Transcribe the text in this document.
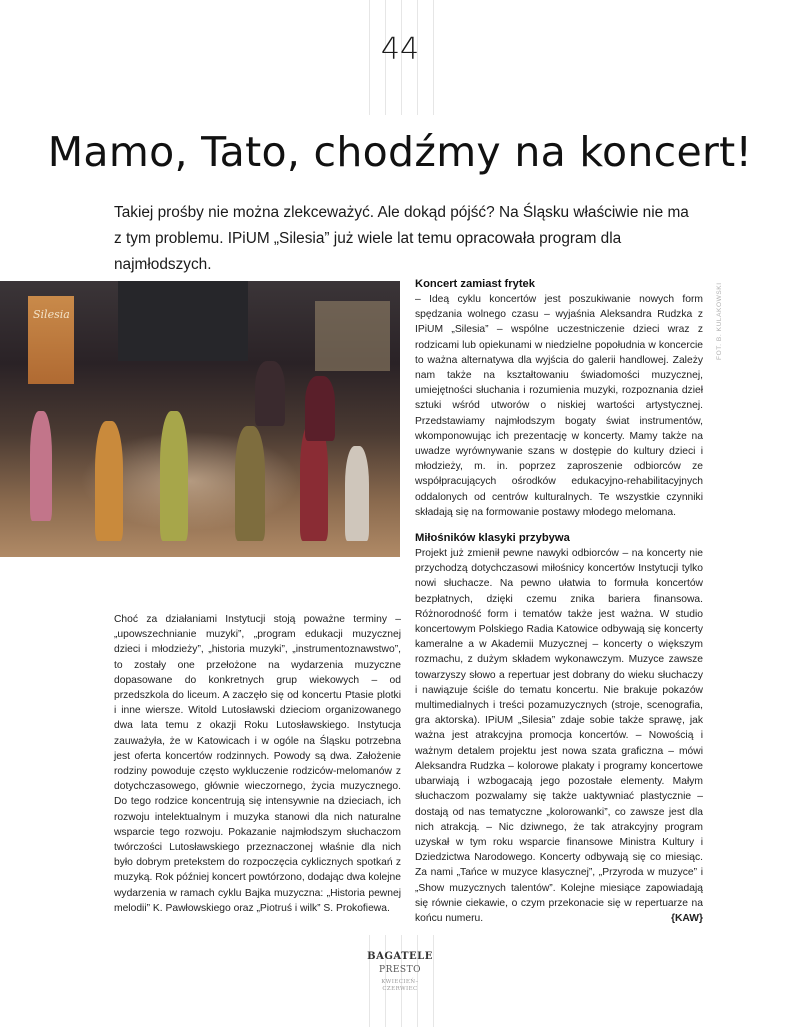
44
Mamo, Tato, chodźmy na koncert!
Takiej prośby nie można zlekceważyć. Ale dokąd pójść? Na Śląsku właściwie nie ma z tym problemu. IPiUM „Silesia” już wiele lat temu opracowała program dla najmłodszych.
Silesia	FOT. B. KULAKOWSKI

Choć za działaniami Instytucji stoją poważne terminy – „upowszechnianie muzyki”, „program edukacji muzycznej dzieci i młodzieży”, „historia muzyki”, „instrumentoznawstwo”, to zostały one przełożone na wydarzenia muzyczne dopasowane do konkretnych grup wiekowych – od przedszkola do liceum. A zaczęło się od koncertu Ptasie plotki i inne wiersze. Witold Lutosławski dzieciom organizowanego dwa lata temu z okazji Roku Lutosławskiego. Instytucja zauważyła, że w Katowicach i w ogóle na Śląsku potrzebna jest oferta koncertów rodzinnych. Powody są dwa. Założenie rodziny powoduje często wykluczenie rodziców-melomanów z dotychczasowego, głównie wieczornego, życia muzycznego. Do tego rodzice koncentrują się intensywnie na dzieciach, ich rozwoju intelektualnym i muzyka stanowi dla nich naturalne wsparcie tego rozwoju. Pokazanie najmłodszym słuchaczom twórczości Lutosławskiego przeznaczonej właśnie dla nich było dobrym pretekstem do rozpoczęcia cyklicznych spotkań z muzyką. Rok później koncert powtórzono, dodając dwa kolejne wydarzenia w ramach cyklu Bajka muzyczna: „Historia pewnej melodii” K. Pawłowskiego oraz „Piotruś i wilk” S. Prokofiewa.

Koncert zamiast frytek

– Ideą cyklu koncertów jest poszukiwanie nowych form spędzania wolnego czasu – wyjaśnia Aleksandra Rudzka z IPiUM „Silesia” – wspólne uczestniczenie dzieci wraz z rodzicami lub opiekunami w niedzielne popołudnia w koncercie to ważna alternatywa dla wyjścia do galerii handlowej. Zależy nam także na kształtowaniu świadomości muzycznej, umiejętności słuchania i rozumienia muzyki, rozpoznania dzieł sztuki wśród utworów o niskiej wartości artystycznej. Przedstawiamy najmłodszym bogaty świat instrumentów, wkomponowując ich prezentację w koncerty. Mamy także na uwadze wyrównywanie szans w dostępie do kultury dzieci i młodzieży, m. in. poprzez zaproszenie odbiorców ze współpracujących ośrodków edukacyjno-rehabilitacyjnych oddalonych od centrów kulturalnych. Te wszystkie czynniki składają się na formowanie postawy młodego melomana.

Miłośników klasyki przybywa

Projekt już zmienił pewne nawyki odbiorców – na koncerty nie przychodzą dotychczasowi miłośnicy koncertów Instytucji tylko nowi słuchacze. Na pewno ułatwia to formuła koncertów bezpłatnych, dzięki czemu znika bariera finansowa. Różnorodność form i tematów także jest ważna. W studio koncertowym Polskiego Radia Katowice odbywają się koncerty kameralne a w Akademii Muzycznej – koncerty o większym rozmachu, z dużym składem wykonawczym. Muzyce zawsze towarzyszy słowo a repertuar jest dobrany do wieku słuchaczy i nawiązuje ściśle do tematu koncertu. Nie brakuje pokazów multimedialnych i treści pozamuzycznych (stroje, scenografia, gra aktorska). IPiUM „Silesia” zdaje sobie także sprawę, jak ważna jest atrakcyjna promocja koncertów. – Nowością i ważnym detalem projektu jest nowa szata graficzna – mówi Aleksandra Rudzka – kolorowe plakaty i programy koncertowe ubarwiają i wzbogacają jego pozostałe elementy. Małym słuchaczom pozwalamy się także uaktywniać plastycznie – dostają od nas tematyczne „kolorowanki”, co zawsze jest dla nich atrakcją. – Nic dziwnego, że tak atrakcyjny program uzyskał w tym roku wsparcie finansowe Ministra Kultury i Dziedzictwa Narodowego. Koncerty odbywają się co miesiąc. Za nami „Tańce w muzyce klasycznej”, „Przyroda w muzyce” i „Show muzycznych talentów”. Kolejne miesiące zapowiadają się równie ciekawie, o czym przekonacie się w repertuarze na końcu numeru.	{KAW}

BAGATELE
PRESTO
KWIECIEŃ–
CZERWIEC
